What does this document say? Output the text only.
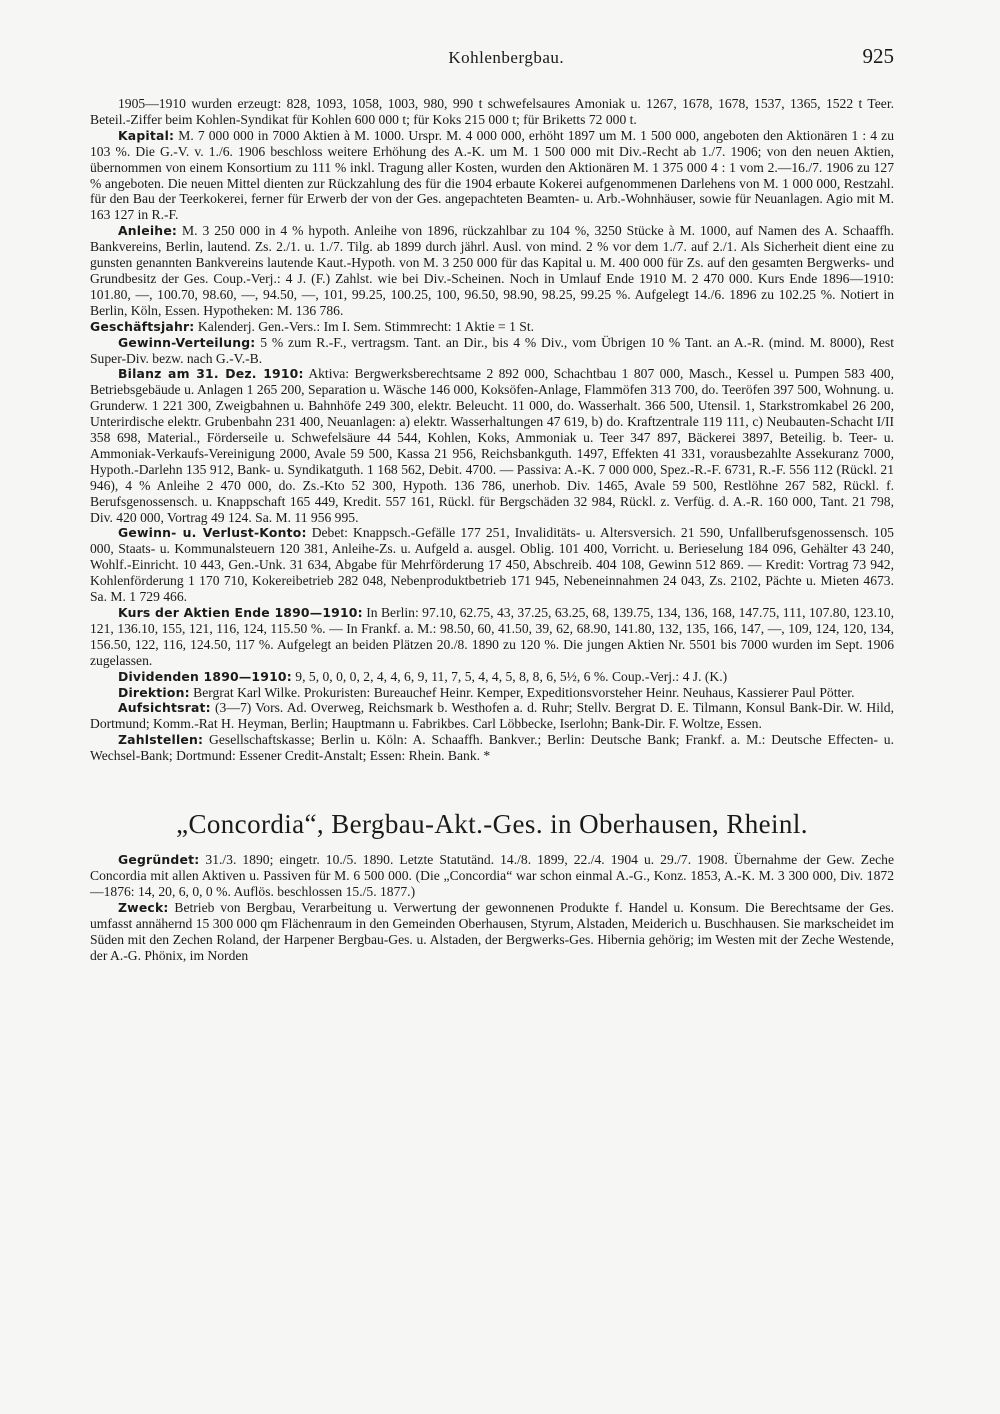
Kohlenbergbau.	925

1905—1910 wurden erzeugt: 828, 1093, 1058, 1003, 980, 990 t schwefelsaures Amoniak u. 1267, 1678, 1678, 1537, 1365, 1522 t Teer. Beteil.-Ziffer beim Kohlen-Syndikat für Kohlen 600 000 t; für Koks 215 000 t; für Briketts 72 000 t.

Kapital: M. 7 000 000 in 7000 Aktien à M. 1000. Urspr. M. 4 000 000, erhöht 1897 um M. 1 500 000, angeboten den Aktionären 1 : 4 zu 103 %. Die G.-V. v. 1./6. 1906 beschloss weitere Erhöhung des A.-K. um M. 1 500 000 mit Div.-Recht ab 1./7. 1906; von den neuen Aktien, übernommen von einem Konsortium zu 111 % inkl. Tragung aller Kosten, wurden den Aktionären M. 1 375 000 4 : 1 vom 2.—16./7. 1906 zu 127 % angeboten. Die neuen Mittel dienten zur Rückzahlung des für die 1904 erbaute Kokerei aufgenommenen Darlehens von M. 1 000 000, Restzahl. für den Bau der Teerkokerei, ferner für Erwerb der von der Ges. angepachteten Beamten- u. Arb.-Wohnhäuser, sowie für Neuanlagen. Agio mit M. 163 127 in R.-F.

Anleihe: M. 3 250 000 in 4 % hypoth. Anleihe von 1896, rückzahlbar zu 104 %, 3250 Stücke à M. 1000, auf Namen des A. Schaaffh. Bankvereins, Berlin, lautend. Zs. 2./1. u. 1./7. Tilg. ab 1899 durch jährl. Ausl. von mind. 2 % vor dem 1./7. auf 2./1. Als Sicherheit dient eine zu gunsten genannten Bankvereins lautende Kaut.-Hypoth. von M. 3 250 000 für das Kapital u. M. 400 000 für Zs. auf den gesamten Bergwerks- und Grundbesitz der Ges. Coup.-Verj.: 4 J. (F.) Zahlst. wie bei Div.-Scheinen. Noch in Umlauf Ende 1910 M. 2 470 000. Kurs Ende 1896—1910: 101.80, —, 100.70, 98.60, —, 94.50, —, 101, 99.25, 100.25, 100, 96.50, 98.90, 98.25, 99.25 %. Aufgelegt 14./6. 1896 zu 102.25 %. Notiert in Berlin, Köln, Essen. Hypotheken: M. 136 786.

Geschäftsjahr: Kalenderj. Gen.-Vers.: Im I. Sem. Stimmrecht: 1 Aktie = 1 St.

Gewinn-Verteilung: 5 % zum R.-F., vertragsm. Tant. an Dir., bis 4 % Div., vom Übrigen 10 % Tant. an A.-R. (mind. M. 8000), Rest Super-Div. bezw. nach G.-V.-B.

Bilanz am 31. Dez. 1910: Aktiva: Bergwerksberechtsame 2 892 000, Schachtbau 1 807 000, Masch., Kessel u. Pumpen 583 400, Betriebsgebäude u. Anlagen 1 265 200, Separation u. Wäsche 146 000, Koksöfen-Anlage, Flammöfen 313 700, do. Teeröfen 397 500, Wohnung. u. Grunderw. 1 221 300, Zweigbahnen u. Bahnhöfe 249 300, elektr. Beleucht. 11 000, do. Wasserhalt. 366 500, Utensil. 1, Starkstromkabel 26 200, Unterirdische elektr. Grubenbahn 231 400, Neuanlagen: a) elektr. Wasserhaltungen 47 619, b) do. Kraftzentrale 119 111, c) Neubauten-Schacht I/II 358 698, Material., Förderseile u. Schwefelsäure 44 544, Kohlen, Koks, Ammoniak u. Teer 347 897, Bäckerei 3897, Beteilig. b. Teer- u. Ammoniak-Verkaufs-Vereinigung 2000, Avale 59 500, Kassa 21 956, Reichsbankguth. 1497, Effekten 41 331, vorausbezahlte Assekuranz 7000, Hypoth.-Darlehn 135 912, Bank- u. Syndikatguth. 1 168 562, Debit. 4700. — Passiva: A.-K. 7 000 000, Spez.-R.-F. 6731, R.-F. 556 112 (Rückl. 21 946), 4 % Anleihe 2 470 000, do. Zs.-Kto 52 300, Hypoth. 136 786, unerhob. Div. 1465, Avale 59 500, Restlöhne 267 582, Rückl. f. Berufsgenossensch. u. Knappschaft 165 449, Kredit. 557 161, Rückl. für Bergschäden 32 984, Rückl. z. Verfüg. d. A.-R. 160 000, Tant. 21 798, Div. 420 000, Vortrag 49 124. Sa. M. 11 956 995.

Gewinn- u. Verlust-Konto: Debet: Knappsch.-Gefälle 177 251, Invaliditäts- u. Altersversich. 21 590, Unfallberufsgenossensch. 105 000, Staats- u. Kommunalsteuern 120 381, Anleihe-Zs. u. Aufgeld a. ausgel. Oblig. 101 400, Vorricht. u. Berieselung 184 096, Gehälter 43 240, Wohlf.-Einricht. 10 443, Gen.-Unk. 31 634, Abgabe für Mehrförderung 17 450, Abschreib. 404 108, Gewinn 512 869. — Kredit: Vortrag 73 942, Kohlenförderung 1 170 710, Kokereibetrieb 282 048, Nebenproduktbetrieb 171 945, Nebeneinnahmen 24 043, Zs. 2102, Pächte u. Mieten 4673. Sa. M. 1 729 466.

Kurs der Aktien Ende 1890—1910: In Berlin: 97.10, 62.75, 43, 37.25, 63.25, 68, 139.75, 134, 136, 168, 147.75, 111, 107.80, 123.10, 121, 136.10, 155, 121, 116, 124, 115.50 %. — In Frankf. a. M.: 98.50, 60, 41.50, 39, 62, 68.90, 141.80, 132, 135, 166, 147, —, 109, 124, 120, 134, 156.50, 122, 116, 124.50, 117 %. Aufgelegt an beiden Plätzen 20./8. 1890 zu 120 %. Die jungen Aktien Nr. 5501 bis 7000 wurden im Sept. 1906 zugelassen.

Dividenden 1890—1910: 9, 5, 0, 0, 0, 2, 4, 4, 6, 9, 11, 7, 5, 4, 4, 5, 8, 8, 6, 5½, 6 %. Coup.-Verj.: 4 J. (K.)

Direktion: Bergrat Karl Wilke. Prokuristen: Bureauchef Heinr. Kemper, Expeditionsvorsteher Heinr. Neuhaus, Kassierer Paul Pötter.

Aufsichtsrat: (3—7) Vors. Ad. Overweg, Reichsmark b. Westhofen a. d. Ruhr; Stellv. Bergrat D. E. Tilmann, Konsul Bank-Dir. W. Hild, Dortmund; Komm.-Rat H. Heyman, Berlin; Hauptmann u. Fabrikbes. Carl Löbbecke, Iserlohn; Bank-Dir. F. Woltze, Essen.

Zahlstellen: Gesellschaftskasse; Berlin u. Köln: A. Schaaffh. Bankver.; Berlin: Deutsche Bank; Frankf. a. M.: Deutsche Effecten- u. Wechsel-Bank; Dortmund: Essener Credit-Anstalt; Essen: Rhein. Bank. *

„Concordia“, Bergbau-Akt.-Ges. in Oberhausen, Rheinl.

Gegründet: 31./3. 1890; eingetr. 10./5. 1890. Letzte Statutänd. 14./8. 1899, 22./4. 1904 u. 29./7. 1908. Übernahme der Gew. Zeche Concordia mit allen Aktiven u. Passiven für M. 6 500 000. (Die „Concordia“ war schon einmal A.-G., Konz. 1853, A.-K. M. 3 300 000, Div. 1872—1876: 14, 20, 6, 0, 0 %. Auflös. beschlossen 15./5. 1877.)

Zweck: Betrieb von Bergbau, Verarbeitung u. Verwertung der gewonnenen Produkte f. Handel u. Konsum. Die Berechtsame der Ges. umfasst annähernd 15 300 000 qm Flächenraum in den Gemeinden Oberhausen, Styrum, Alstaden, Meiderich u. Buschhausen. Sie markscheidet im Süden mit den Zechen Roland, der Harpener Bergbau-Ges. u. Alstaden, der Bergwerks-Ges. Hibernia gehörig; im Westen mit der Zeche Westende, der A.-G. Phönix, im Norden
